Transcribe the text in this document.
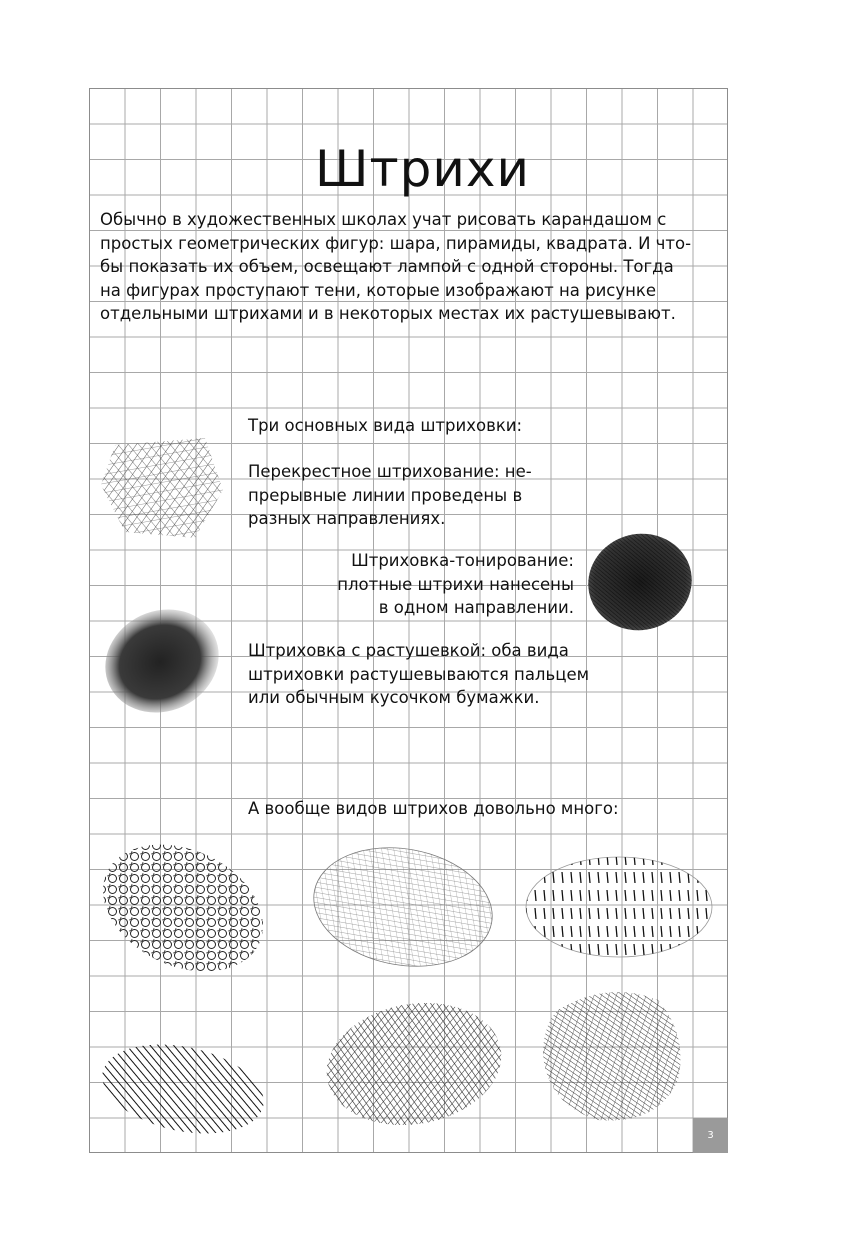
Штрихи
Обычно в художественных школах учат рисовать карандашом с
простых геометрических фигур: шара, пирамиды, квадрата. И что-
бы показать их объем, освещают лампой с одной стороны. Тогда
на фигурах проступают тени, которые изображают на рисунке
отдельными штрихами и в некоторых местах их растушевывают.
Три основных вида штриховки:
Перекрестное штрихование: не-
прерывные линии проведены в
разных направлениях.
Штриховка-тонирование:
плотные штрихи нанесены
в одном направлении.
Штриховка с растушевкой: оба вида
штриховки растушевываются пальцем
или обычным кусочком бумажки.
А вообще видов штрихов довольно много:
3
